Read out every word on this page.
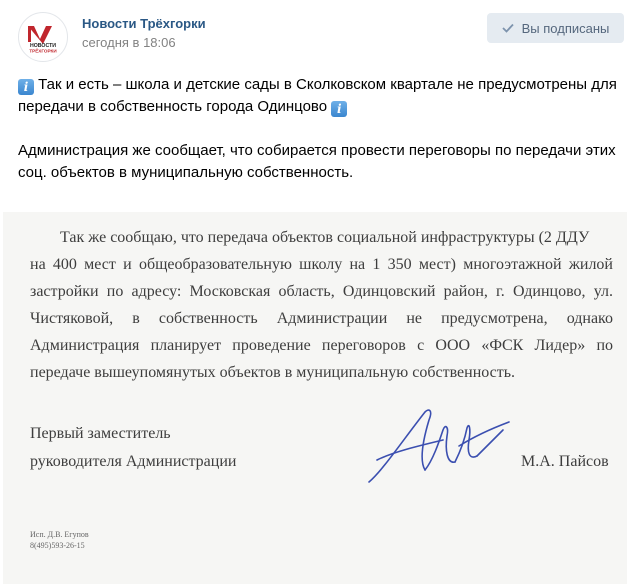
НОВОСТИ
ТРЁХГОРКИ
Новости Трёхгорки
сегодня в 18:06
Вы подписаны

i Так и есть – школа и детские сады в Сколковском квартале не предусмотрены для передачи в собственность города Одинцово i

Администрация же сообщает, что собирается провести переговоры по передачи этих соц. объектов в муниципальную собственность.

Так же сообщаю, что передача объектов социальной инфраструктуры (2 ДДУ
на 400 мест и общеобразовательную школу на 1 350 мест) многоэтажной жилой
застройки по адресу: Московская область, Одинцовский район, г. Одинцово, ул.
Чистяковой, в собственность Администрации не предусмотрена, однако
Администрация планирует проведение переговоров с ООО «ФСК Лидер» по
передаче вышеупомянутых объектов в муниципальную собственность.
Первый заместитель
руководителя Администрации	М.А. Пайсов
Исп. Д.В. Егупов
8(495)593-26-15
